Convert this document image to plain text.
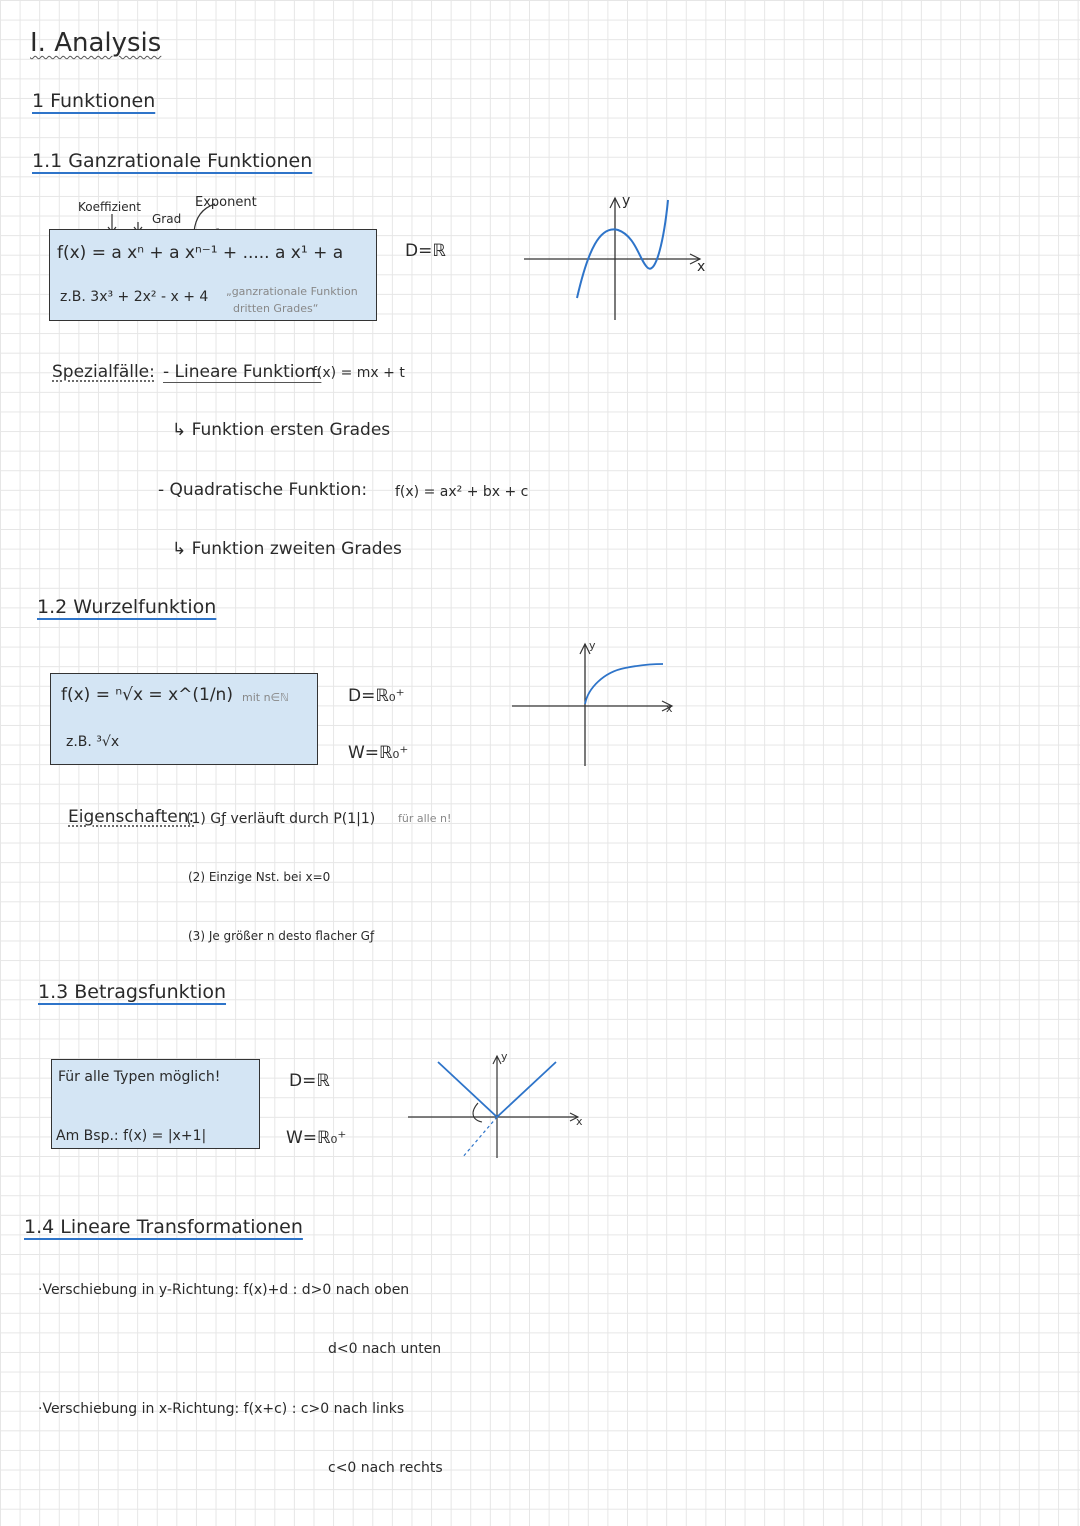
I. Analysis
1 Funktionen
1.1 Ganzrationale Funktionen
Koeffizient	Exponent
Grad
f(x) = a xⁿ + a xⁿ⁻¹ + ..... a x¹ + a
z.B. 3x³ + 2x² - x + 4 „ganzrationale Funktion
dritten Grades“
D=ℝ
y
x
Spezialfälle: - Lineare Funktion:
f(x) = mx + t
↳ Funktion ersten Grades
- Quadratische Funktion: f(x) = ax² + bx + c
↳ Funktion zweiten Grades
1.2 Wurzelfunktion
f(x) = ⁿ√x = x^(1/n) mit n∈ℕ
z.B. ³√x
D=ℝ₀⁺
W=ℝ₀⁺
y
x
Eigenschaften:
(1) Gƒ verläuft durch P(1|1) für alle n!
(2) Einzige Nst. bei x=0
(3) Je größer n desto flacher Gƒ
1.3 Betragsfunktion
Für alle Typen möglich!
Am Bsp.: f(x) = |x+1|
D=ℝ
W=ℝ₀⁺
y
x
1.4 Lineare Transformationen
·Verschiebung in y-Richtung: f(x)+d : d>0 nach oben
d<0 nach unten
·Verschiebung in x-Richtung: f(x+c) : c>0 nach links
c<0 nach rechts
